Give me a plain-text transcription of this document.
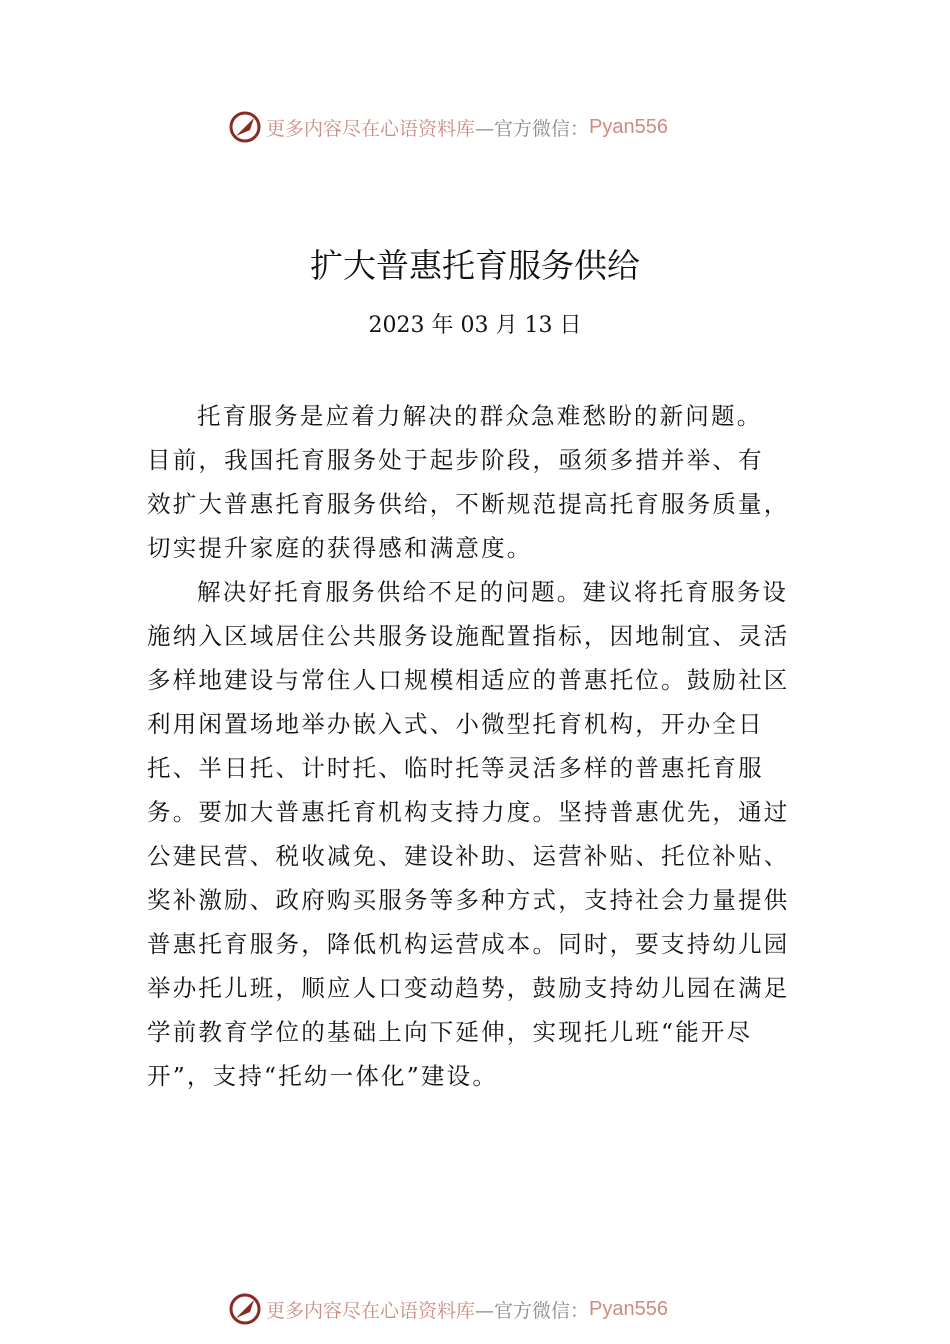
更多内容尽在心语资料库 —官方微信： Pyan556
扩大普惠托育服务供给
2023 年 03 月 13 日
托育服务是应着力解决的群众急难愁盼的新问题。
目前，我国托育服务处于起步阶段，亟须多措并举、有
效扩大普惠托育服务供给，不断规范提高托育服务质量，
切实提升家庭的获得感和满意度。
解决好托育服务供给不足的问题。建议将托育服务设
施纳入区域居住公共服务设施配置指标，因地制宜、灵活
多样地建设与常住人口规模相适应的普惠托位。鼓励社区
利用闲置场地举办嵌入式、小微型托育机构，开办全日
托、半日托、计时托、临时托等灵活多样的普惠托育服
务。要加大普惠托育机构支持力度。坚持普惠优先，通过
公建民营、税收减免、建设补助、运营补贴、托位补贴、
奖补激励、政府购买服务等多种方式，支持社会力量提供
普惠托育服务，降低机构运营成本。同时，要支持幼儿园
举办托儿班，顺应人口变动趋势，鼓励支持幼儿园在满足
学前教育学位的基础上向下延伸，实现托儿班“能开尽
开”，支持“托幼一体化”建设。
更多内容尽在心语资料库 —官方微信： Pyan556
